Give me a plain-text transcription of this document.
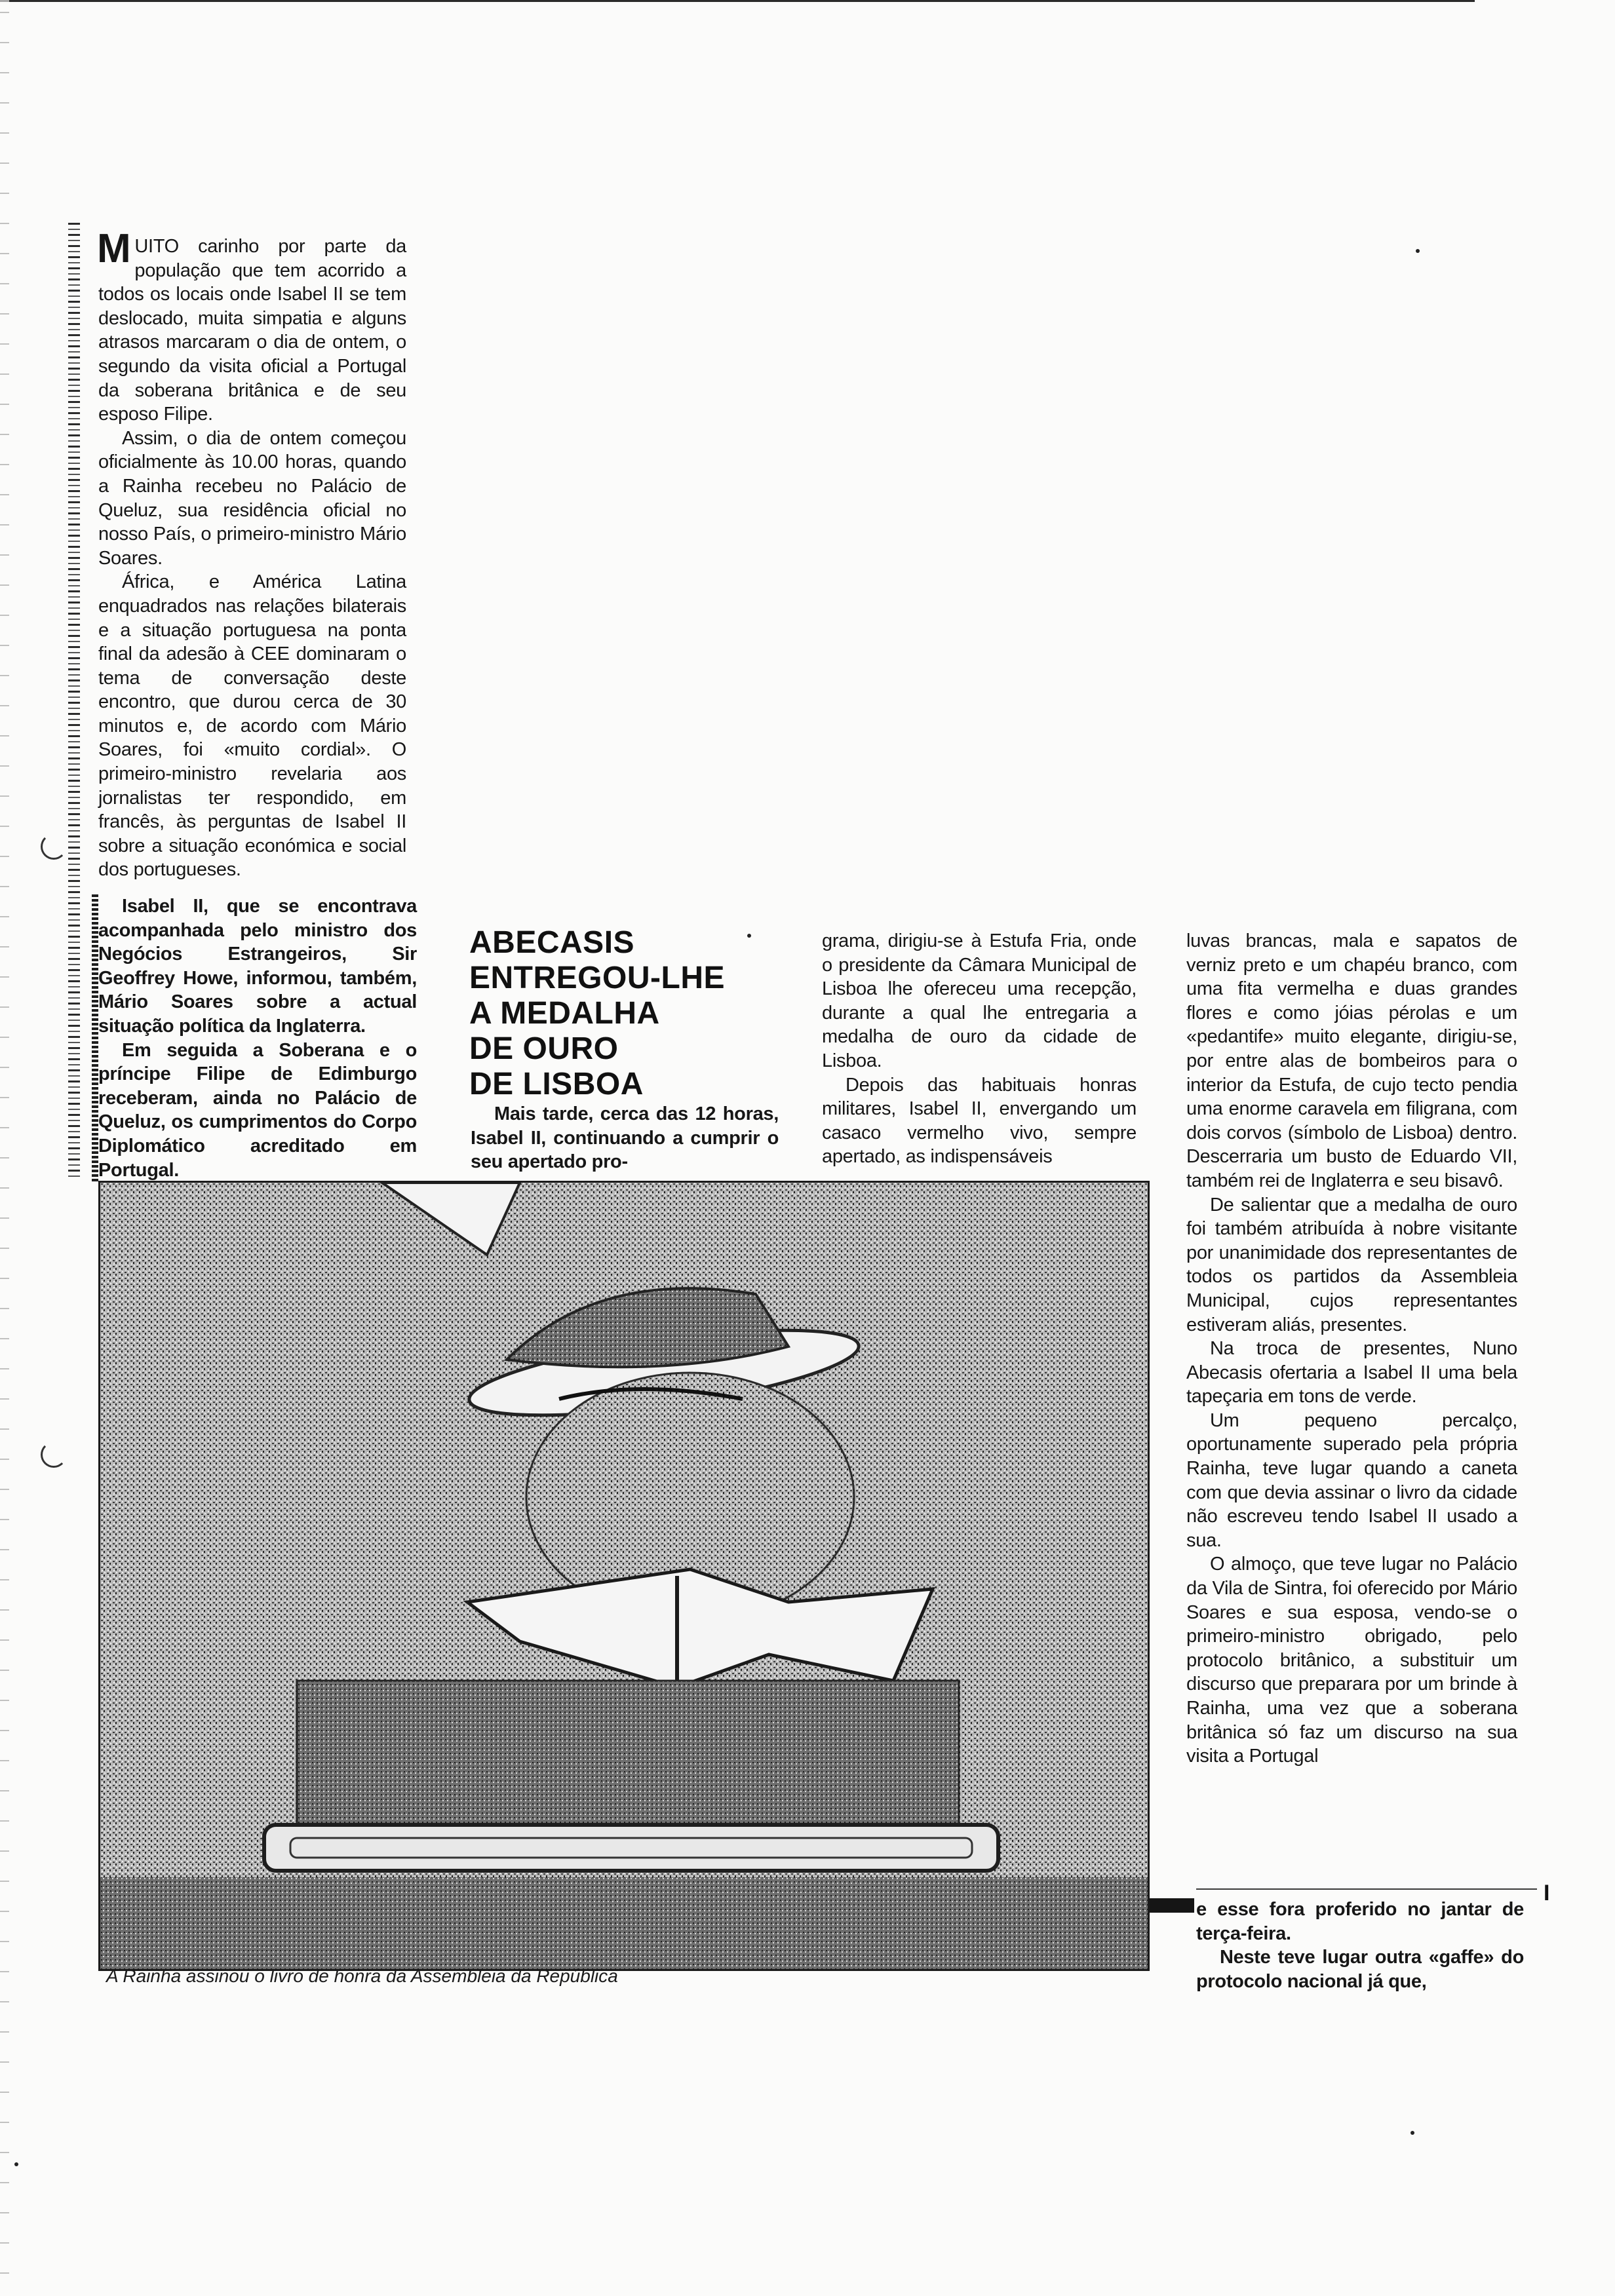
I

MUITO carinho por parte da população que tem acorrido a todos os locais onde Isabel II se tem deslocado, muita simpatia e alguns atrasos marcaram o dia de ontem, o segundo da visita oficial a Portugal da soberana britânica e de seu esposo Filipe.

Assim, o dia de ontem começou oficialmente às 10.00 horas, quando a Rainha recebeu no Palácio de Queluz, sua residência oficial no nosso País, o primeiro-ministro Mário Soares.

África, e América Latina enquadrados nas relações bilaterais e a situação portuguesa na ponta final da adesão à CEE dominaram o tema de conversação deste encontro, que durou cerca de 30 minutos e, de acordo com Mário Soares, foi «muito cordial». O primeiro-ministro revelaria aos jornalistas ter respondido, em francês, às perguntas de Isabel II sobre a situação económica e social dos portugueses.

Isabel II, que se encontrava acompanhada pelo ministro dos Negócios Estrangeiros, Sir Geoffrey Howe, informou, também, Mário Soares sobre a actual situação política da Inglaterra.

Em seguida a Soberana e o príncipe Filipe de Edimburgo receberam, ainda no Palácio de Queluz, os cumprimentos do Corpo Diplomático acreditado em Portugal.

ABECASIS
ENTREGOU-LHE
A MEDALHA
DE OURO
DE LISBOA

Mais tarde, cerca das 12 horas, Isabel II, continuando a cumprir o seu apertado pro-

grama, dirigiu-se à Estufa Fria, onde o presidente da Câmara Municipal de Lisboa lhe ofereceu uma recepção, durante a qual lhe entregaria a medalha de ouro da cidade de Lisboa.

Depois das habituais honras militares, Isabel II, envergando um casaco vermelho vivo, sempre apertado, as indispensáveis

luvas brancas, mala e sapatos de verniz preto e um chapéu branco, com uma fita vermelha e duas grandes flores e como jóias pérolas e um «pedantife» muito elegante, dirigiu-se, por entre alas de bombeiros para o interior da Estufa, de cujo tecto pendia uma enorme caravela em filigrana, com dois corvos (símbolo de Lisboa) dentro. Descerraria um busto de Eduardo VII, também rei de Inglaterra e seu bisavô.

De salientar que a medalha de ouro foi também atribuída à nobre visitante por unanimidade dos representantes de todos os partidos da Assembleia Municipal, cujos representantes estiveram aliás, presentes.

Na troca de presentes, Nuno Abecasis ofertaria a Isabel II uma bela tapeçaria em tons de verde.

Um pequeno percalço, oportunamente superado pela própria Rainha, teve lugar quando a caneta com que devia assinar o livro da cidade não escreveu tendo Isabel II usado a sua.

O almoço, que teve lugar no Palácio da Vila de Sintra, foi oferecido por Mário Soares e sua esposa, vendo-se o primeiro-ministro obrigado, pelo protocolo britânico, a substituir um discurso que preparara por um brinde à Rainha, uma vez que a soberana britânica só faz um discurso na sua visita a Portugal

e esse fora proferido no jantar de terça-feira.

Neste teve lugar outra «gaffe» do protocolo nacional já que,

A Rainha assinou o livro de honra da Assembleia da República
